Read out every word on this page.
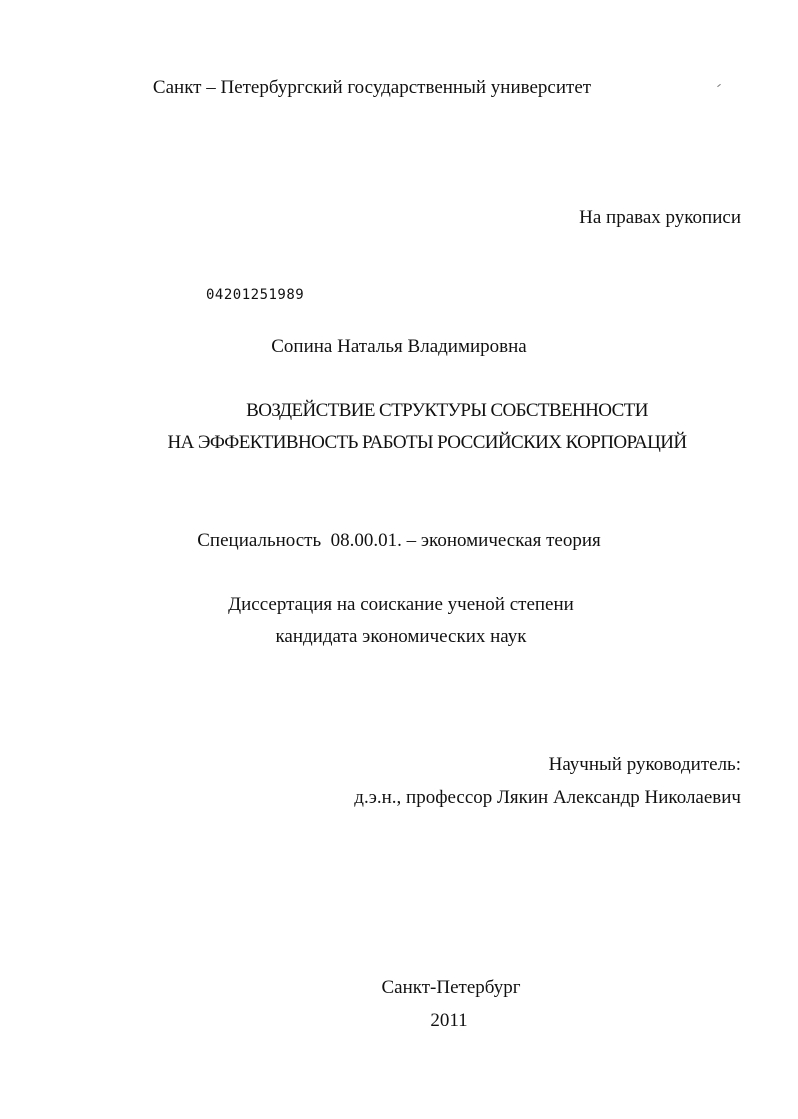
Санкт – Петербургский государственный университет
На правах рукописи
04201251989
Сопина Наталья Владимировна
ВОЗДЕЙСТВИЕ СТРУКТУРЫ СОБСТВЕННОСТИ
НА ЭФФЕКТИВНОСТЬ РАБОТЫ РОССИЙСКИХ КОРПОРАЦИЙ
Специальность  08.00.01. – экономическая теория
Диссертация на соискание ученой степени
кандидата экономических наук
Научный руководитель:
д.э.н., профессор Лякин Александр Николаевич
Санкт-Петербург
2011
